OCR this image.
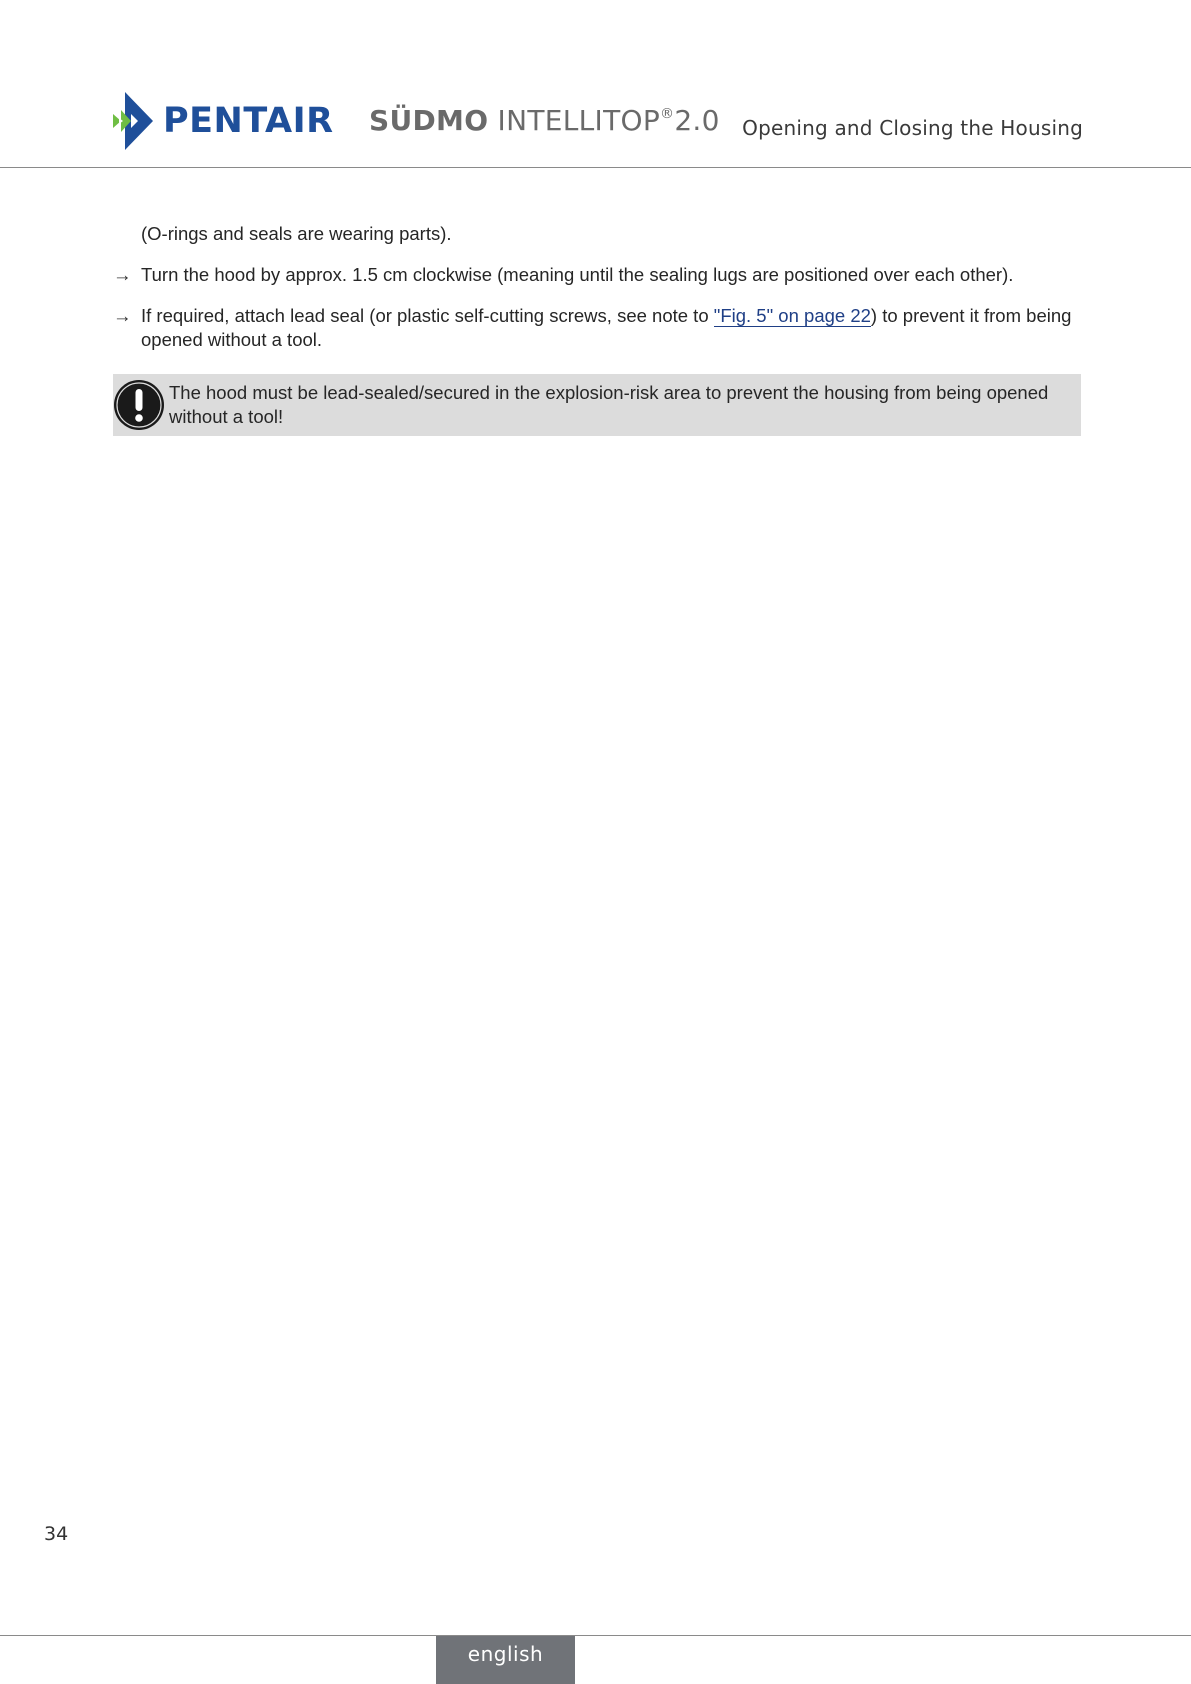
PENTAIR SÜDMO INTELLITOP®2.0 Opening and Closing the Housing
(O-rings and seals are wearing parts).
→ Turn the hood by approx. 1.5 cm clockwise (meaning until the sealing lugs are positioned over each other).
→ If required, attach lead seal (or plastic self-cutting screws, see note to "Fig. 5" on page 22) to prevent it from being opened without a tool.
The hood must be lead-sealed/secured in the explosion-risk area to prevent the housing from being opened without a tool!
34
english
